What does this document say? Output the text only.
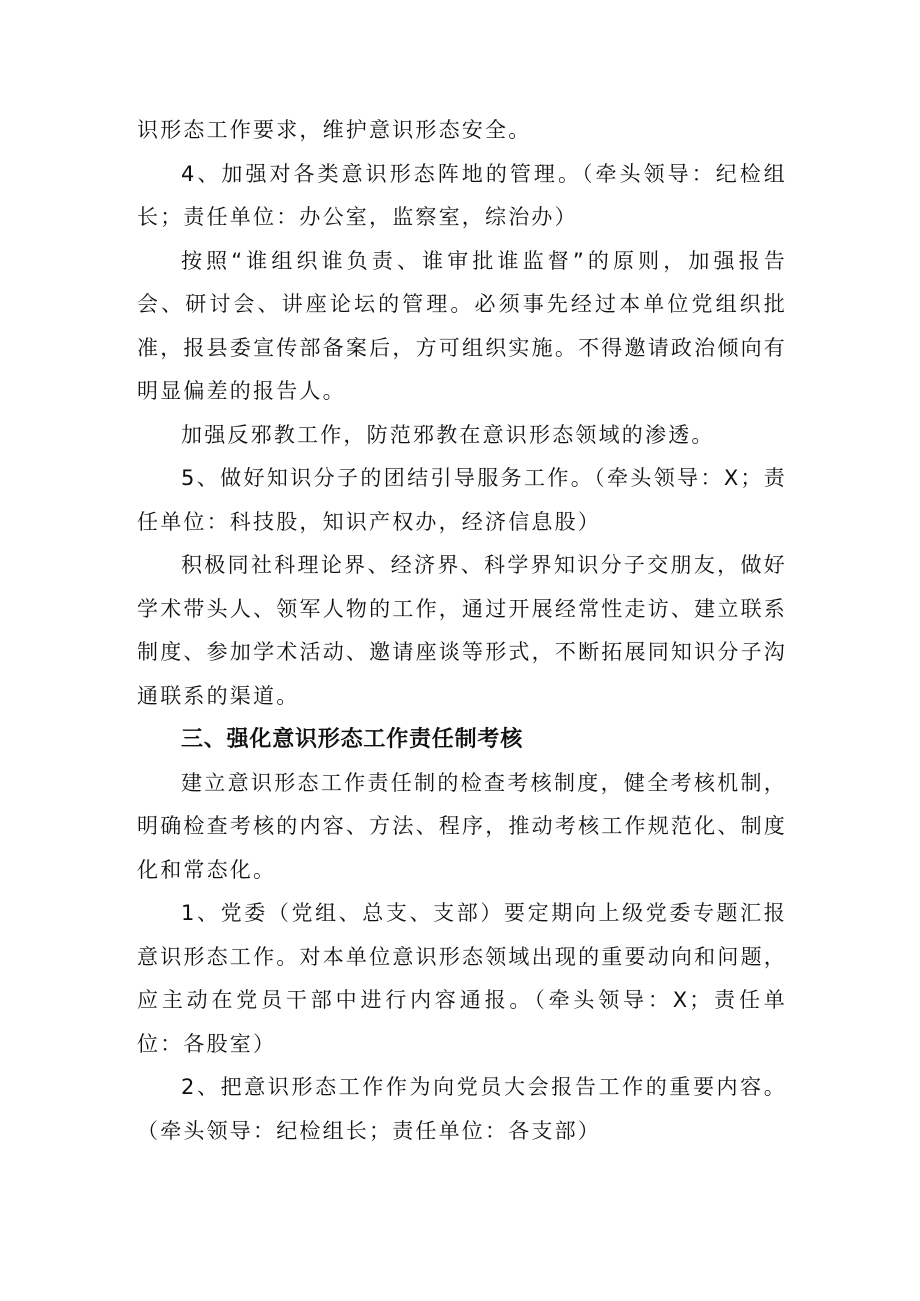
识形态工作要求，维护意识形态安全。

4、加强对各类意识形态阵地的管理。（牵头领导：纪检组长；责任单位：办公室，监察室，综治办）

按照“谁组织谁负责、谁审批谁监督”的原则，加强报告会、研讨会、讲座论坛的管理。必须事先经过本单位党组织批准，报县委宣传部备案后，方可组织实施。不得邀请政治倾向有明显偏差的报告人。

加强反邪教工作，防范邪教在意识形态领域的渗透。

5、做好知识分子的团结引导服务工作。（牵头领导：X；责任单位：科技股，知识产权办，经济信息股）

积极同社科理论界、经济界、科学界知识分子交朋友，做好学术带头人、领军人物的工作，通过开展经常性走访、建立联系制度、参加学术活动、邀请座谈等形式，不断拓展同知识分子沟通联系的渠道。

三、强化意识形态工作责任制考核

建立意识形态工作责任制的检查考核制度，健全考核机制，明确检查考核的内容、方法、程序，推动考核工作规范化、制度化和常态化。

1、党委（党组、总支、支部）要定期向上级党委专题汇报意识形态工作。对本单位意识形态领域出现的重要动向和问题，应主动在党员干部中进行内容通报。（牵头领导：X；责任单位：各股室）

2、把意识形态工作作为向党员大会报告工作的重要内容。（牵头领导：纪检组长；责任单位：各支部）
